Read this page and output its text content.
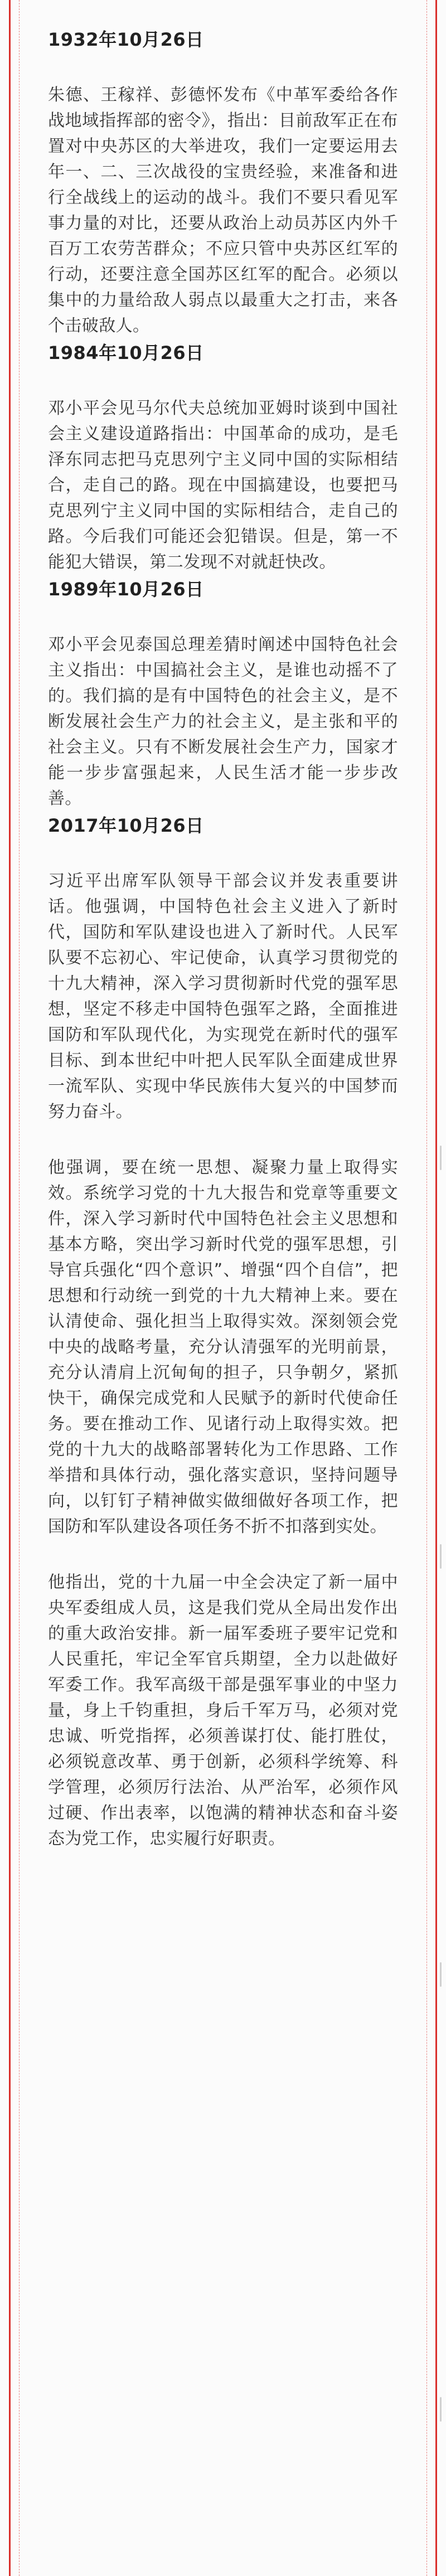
1932年10月26日
朱德、王稼祥、彭德怀发布《中革军委给各作战地域指挥部的密令》，指出：目前敌军正在布置对中央苏区的大举进攻，我们一定要运用去年一、二、三次战役的宝贵经验，来准备和进行全战线上的运动的战斗。我们不要只看见军事力量的对比，还要从政治上动员苏区内外千百万工农劳苦群众；不应只管中央苏区红军的行动，还要注意全国苏区红军的配合。必须以集中的力量给敌人弱点以最重大之打击，来各个击破敌人。
1984年10月26日
邓小平会见马尔代夫总统加亚姆时谈到中国社会主义建设道路指出：中国革命的成功，是毛泽东同志把马克思列宁主义同中国的实际相结合，走自己的路。现在中国搞建设，也要把马克思列宁主义同中国的实际相结合，走自己的路。今后我们可能还会犯错误。但是，第一不能犯大错误，第二发现不对就赶快改。
1989年10月26日
邓小平会见泰国总理差猜时阐述中国特色社会主义指出：中国搞社会主义，是谁也动摇不了的。我们搞的是有中国特色的社会主义，是不断发展社会生产力的社会主义，是主张和平的社会主义。只有不断发展社会生产力，国家才能一步步富强起来，人民生活才能一步步改善。
2017年10月26日
习近平出席军队领导干部会议并发表重要讲话。他强调，中国特色社会主义进入了新时代，国防和军队建设也进入了新时代。人民军队要不忘初心、牢记使命，认真学习贯彻党的十九大精神，深入学习贯彻新时代党的强军思想，坚定不移走中国特色强军之路，全面推进国防和军队现代化，为实现党在新时代的强军目标、到本世纪中叶把人民军队全面建成世界一流军队、实现中华民族伟大复兴的中国梦而努力奋斗。
他强调，要在统一思想、凝聚力量上取得实效。系统学习党的十九大报告和党章等重要文件，深入学习新时代中国特色社会主义思想和基本方略，突出学习新时代党的强军思想，引导官兵强化“四个意识”、增强“四个自信”，把思想和行动统一到党的十九大精神上来。要在认清使命、强化担当上取得实效。深刻领会党中央的战略考量，充分认清强军的光明前景，充分认清肩上沉甸甸的担子，只争朝夕，紧抓快干，确保完成党和人民赋予的新时代使命任务。要在推动工作、见诸行动上取得实效。把党的十九大的战略部署转化为工作思路、工作举措和具体行动，强化落实意识，坚持问题导向，以钉钉子精神做实做细做好各项工作，把国防和军队建设各项任务不折不扣落到实处。
他指出，党的十九届一中全会决定了新一届中央军委组成人员，这是我们党从全局出发作出的重大政治安排。新一届军委班子要牢记党和人民重托，牢记全军官兵期望，全力以赴做好军委工作。我军高级干部是强军事业的中坚力量，身上千钧重担，身后千军万马，必须对党忠诚、听党指挥，必须善谋打仗、能打胜仗，必须锐意改革、勇于创新，必须科学统筹、科学管理，必须厉行法治、从严治军，必须作风过硬、作出表率，以饱满的精神状态和奋斗姿态为党工作，忠实履行好职责。
